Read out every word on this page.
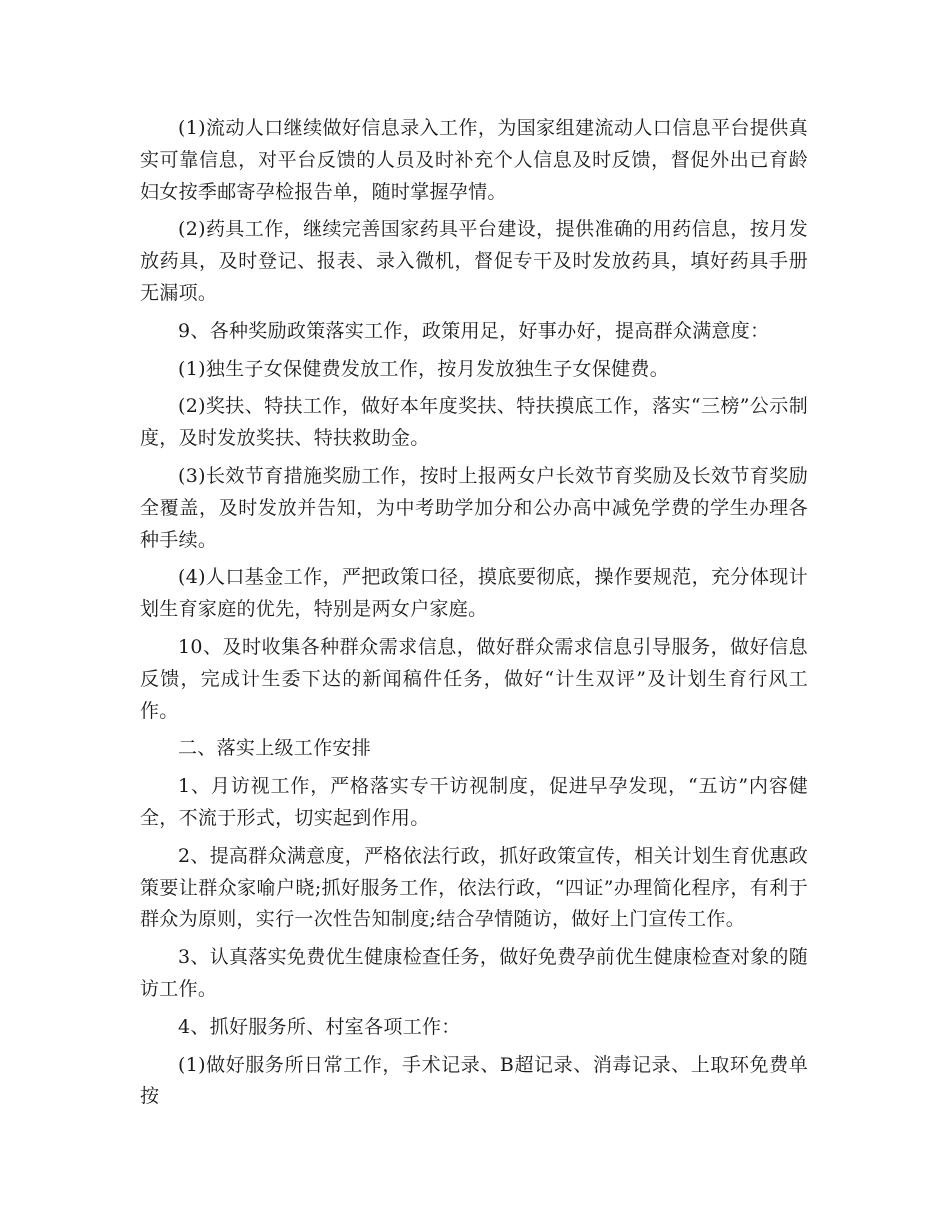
(1)流动人口继续做好信息录入工作，为国家组建流动人口信息平台提供真实可靠信息，对平台反馈的人员及时补充个人信息及时反馈，督促外出已育龄妇女按季邮寄孕检报告单，随时掌握孕情。

(2)药具工作，继续完善国家药具平台建设，提供准确的用药信息，按月发放药具，及时登记、报表、录入微机，督促专干及时发放药具，填好药具手册无漏项。

9、各种奖励政策落实工作，政策用足，好事办好，提高群众满意度：

(1)独生子女保健费发放工作，按月发放独生子女保健费。

(2)奖扶、特扶工作，做好本年度奖扶、特扶摸底工作，落实“三榜”公示制度，及时发放奖扶、特扶救助金。

(3)长效节育措施奖励工作，按时上报两女户长效节育奖励及长效节育奖励全覆盖，及时发放并告知，为中考助学加分和公办高中减免学费的学生办理各种手续。

(4)人口基金工作，严把政策口径，摸底要彻底，操作要规范，充分体现计划生育家庭的优先，特别是两女户家庭。

10、及时收集各种群众需求信息，做好群众需求信息引导服务，做好信息反馈，完成计生委下达的新闻稿件任务，做好“计生双评”及计划生育行风工作。

二、落实上级工作安排

1、月访视工作，严格落实专干访视制度，促进早孕发现，“五访”内容健全，不流于形式，切实起到作用。

2、提高群众满意度，严格依法行政，抓好政策宣传，相关计划生育优惠政策要让群众家喻户晓;抓好服务工作，依法行政，“四证”办理简化程序，有利于群众为原则，实行一次性告知制度;结合孕情随访，做好上门宣传工作。

3、认真落实免费优生健康检查任务，做好免费孕前优生健康检查对象的随访工作。

4、抓好服务所、村室各项工作：

(1)做好服务所日常工作，手术记录、B超记录、消毒记录、上取环免费单按
